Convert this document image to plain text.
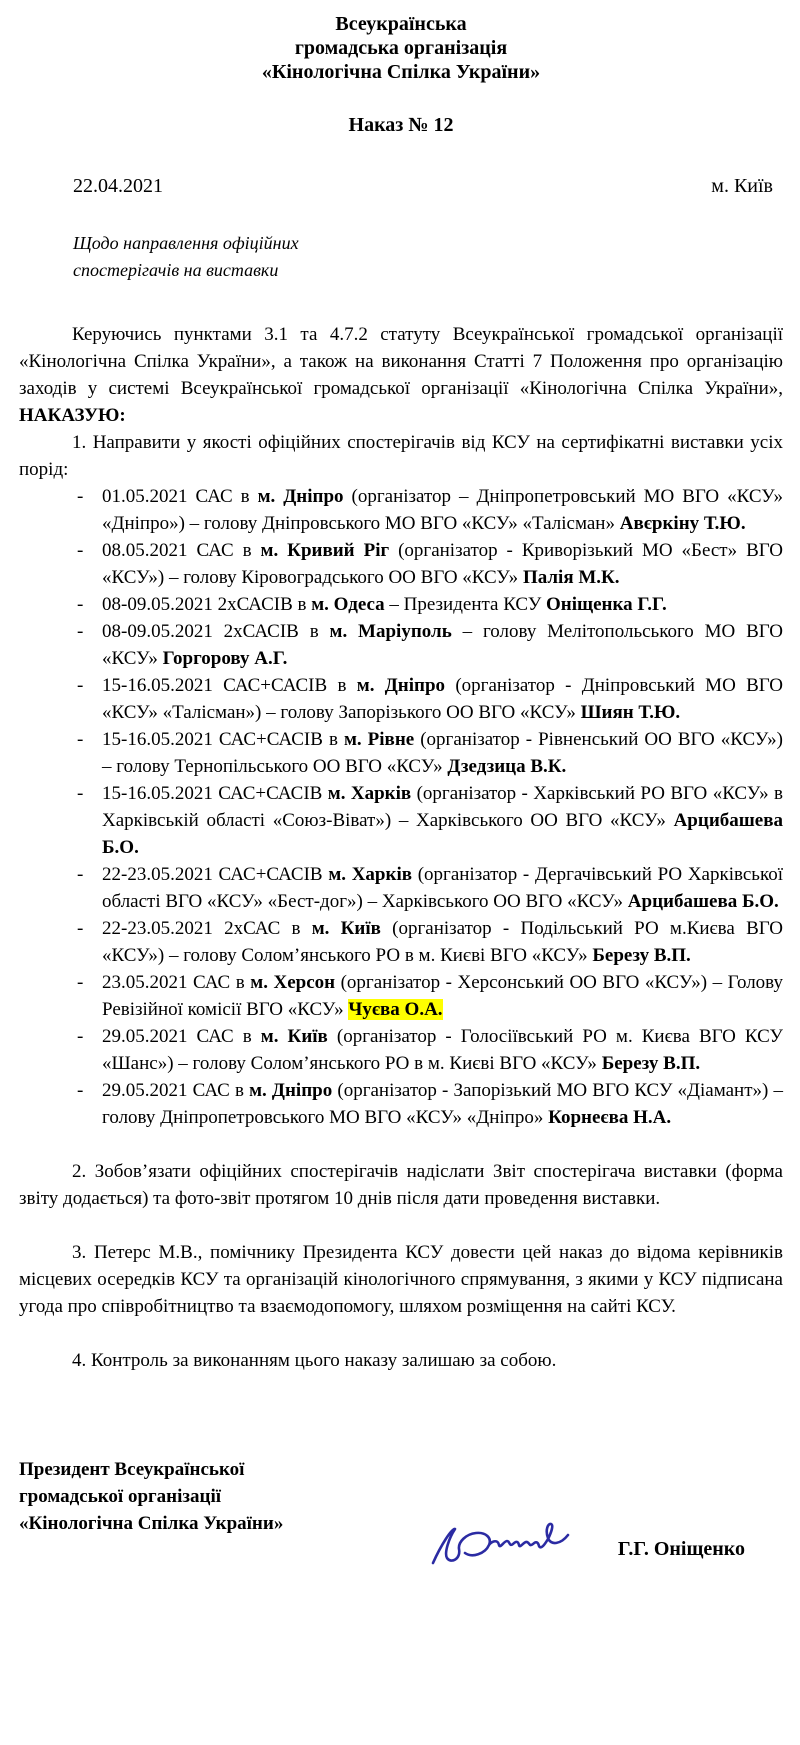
Всеукраїнська
громадська організація
«Кінологічна Спілка України»
Наказ № 12
22.04.2021	м. Київ
Щодо направлення офіційних
спостерігачів на виставки

Керуючись пунктами 3.1 та 4.7.2 статуту Всеукраїнської громадської організації «Кінологічна Спілка України», а також на виконання Статті 7 Положення про організацію заходів у системі Всеукраїнської громадської організації «Кінологічна Спілка України», НАКАЗУЮ:

1. Направити у якості офіційних спостерігачів від КСУ на сертифікатні виставки усіх порід:

- 01.05.2021 САС в м. Дніпро (організатор – Дніпропетровський МО ВГО «КСУ» «Дніпро») – голову Дніпровського МО ВГО «КСУ» «Талісман» Авєркіну Т.Ю.
- 08.05.2021 САС в м. Кривий Ріг (організатор - Криворізький МО «Бест» ВГО «КСУ») – голову Кіровоградського ОО ВГО «КСУ» Палія М.К.
- 08-09.05.2021 2хСАСІВ в м. Одеса – Президента КСУ Оніщенка Г.Г.
- 08-09.05.2021 2хСАСІВ в м. Маріуполь – голову Мелітопольського МО ВГО «КСУ» Горгорову А.Г.
- 15-16.05.2021 САС+САСІВ в м. Дніпро (організатор - Дніпровський МО ВГО «КСУ» «Талісман») – голову Запорізького ОО ВГО «КСУ» Шиян Т.Ю.
- 15-16.05.2021 САС+САСІВ в м. Рівне (організатор - Рівненський ОО ВГО «КСУ») – голову Тернопільського ОО ВГО «КСУ» Дзедзица В.К.
- 15-16.05.2021 САС+САСІВ м. Харків (організатор - Харківський РО ВГО «КСУ» в Харківській області «Союз-Віват») – Харківського ОО ВГО «КСУ» Арцибашева Б.О.
- 22-23.05.2021 САС+САСІВ м. Харків (організатор - Дергачівський РО Харківської області ВГО «КСУ» «Бест-дог») – Харківського ОО ВГО «КСУ» Арцибашева Б.О.
- 22-23.05.2021 2хСАС в м. Київ (організатор - Подільський РО м.Києва ВГО «КСУ») – голову Солом’янського РО в м. Києві ВГО «КСУ» Березу В.П.
- 23.05.2021 САС в м. Херсон (організатор - Херсонський ОО ВГО «КСУ») – Голову Ревізійної комісії ВГО «КСУ» Чуєва О.А.
- 29.05.2021 САС в м. Київ (організатор - Голосіївський РО м. Києва ВГО КСУ «Шанс») – голову Солом’янського РО в м. Києві ВГО «КСУ» Березу В.П.
- 29.05.2021 САС в м. Дніпро (організатор - Запорізький МО ВГО КСУ «Діамант») – голову Дніпропетровського МО ВГО «КСУ» «Дніпро» Корнеєва Н.А.

2. Зобов’язати офіційних спостерігачів надіслати Звіт спостерігача виставки (форма звіту додається) та фото-звіт протягом 10 днів після дати проведення виставки.

3. Петерс М.В., помічнику Президента КСУ довести цей наказ до відома керівників місцевих осередків КСУ та організацій кінологічного спрямування, з якими у КСУ підписана угода про співробітництво та взаємодопомогу, шляхом розміщення на сайті КСУ.

4. Контроль за виконанням цього наказу залишаю за собою.

Президент Всеукраїнської
громадської організації
«Кінологічна Спілка України»
Г.Г. Оніщенко
